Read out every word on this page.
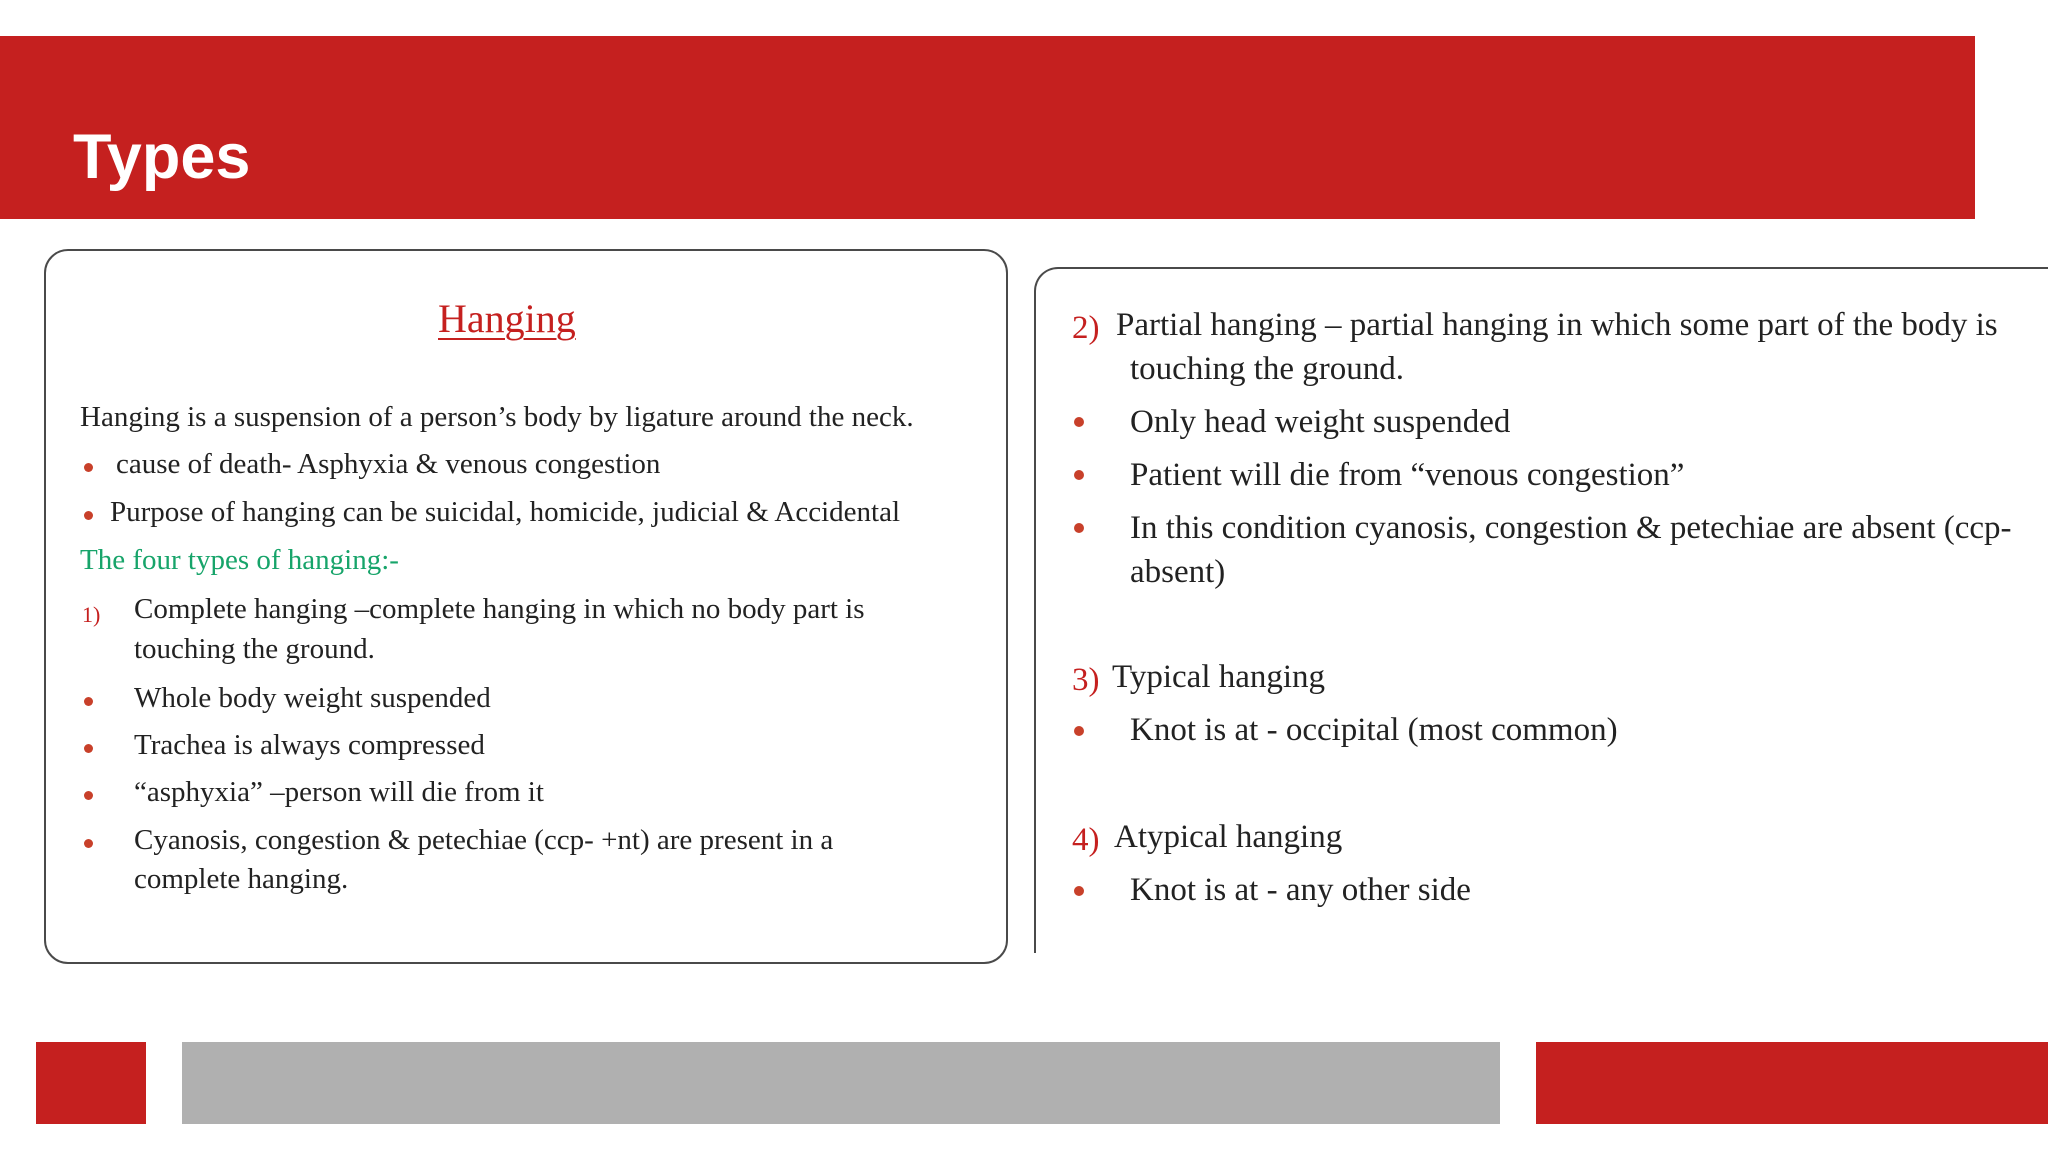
Types
Hanging
Hanging is a suspension of a person’s body by ligature around the neck.
cause of death- Asphyxia & venous congestion
Purpose of hanging can be suicidal, homicide, judicial & Accidental
The four types of hanging:-
1) Complete hanging –complete hanging in which no body part is
touching the ground.
Whole body weight suspended
Trachea is always compressed
“asphyxia” –person will die from it
Cyanosis, congestion & petechiae (ccp- +nt) are present in a
complete hanging.
2) Partial hanging – partial hanging in which some part of the body is
touching the ground.
Only head weight suspended
Patient will die from “venous congestion”
In this condition cyanosis, congestion & petechiae are absent (ccp-
absent)
3) Typical hanging
Knot is at - occipital (most common)
4) Atypical hanging
Knot is at - any other side
